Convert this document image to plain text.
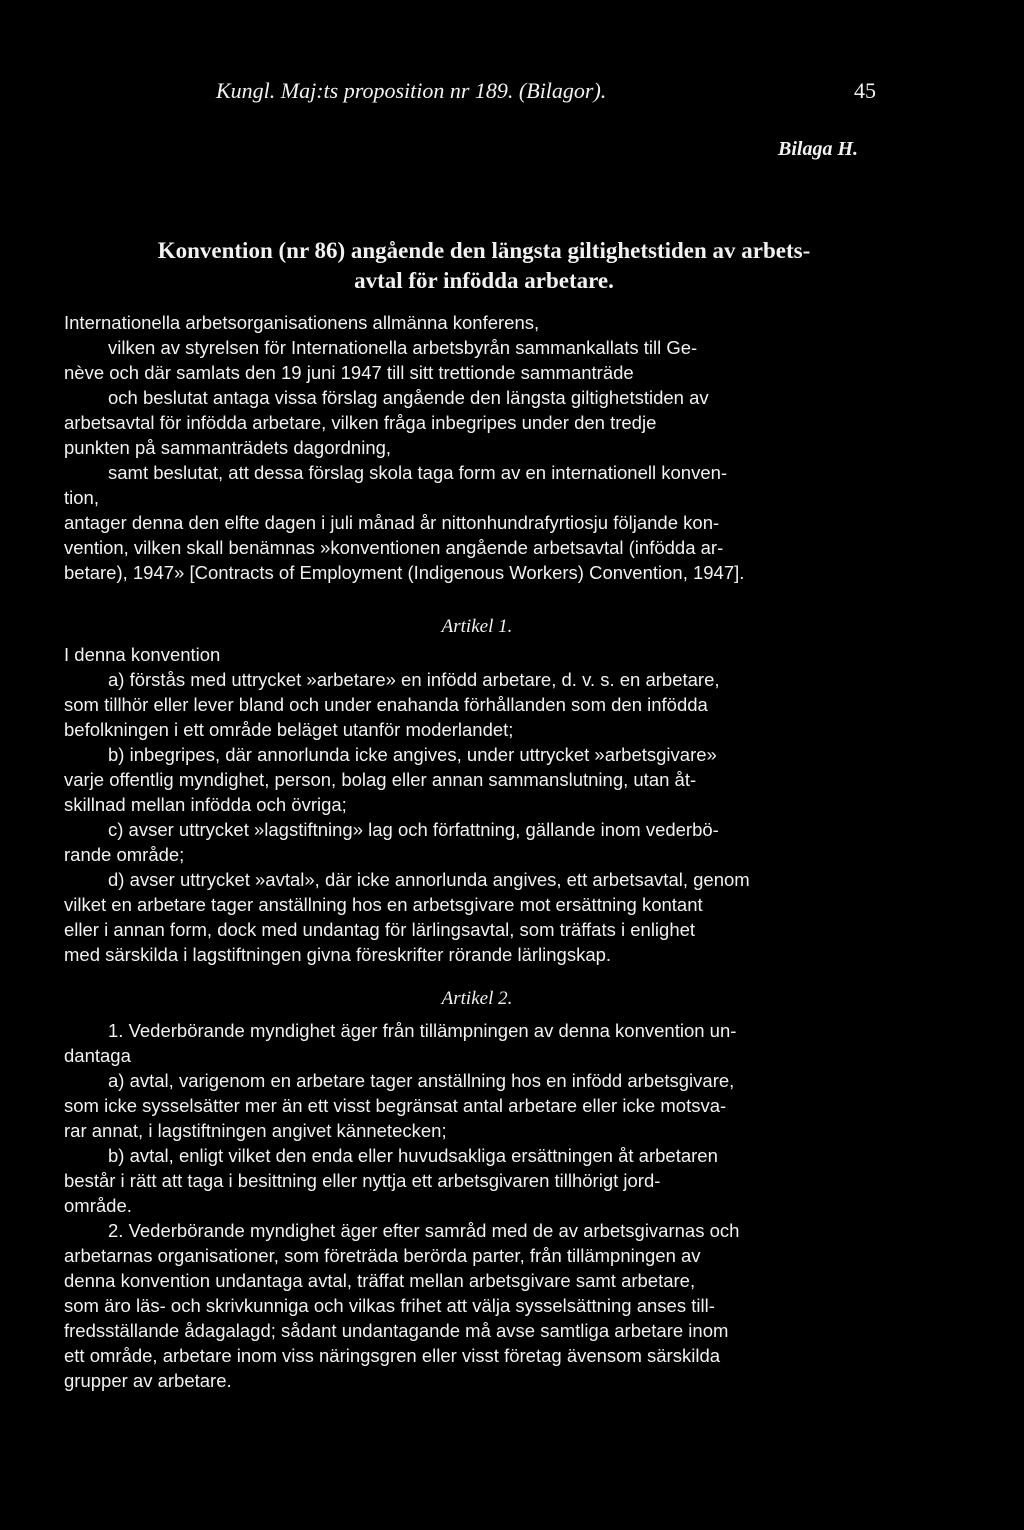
Kungl. Maj:ts proposition nr 189. (Bilagor).	45
Bilaga H.
Konvention (nr 86) angående den längsta giltighetstiden av arbets-
avtal för infödda arbetare.
Internationella arbetsorganisationens allmänna konferens,
vilken av styrelsen för Internationella arbetsbyrån sammankallats till Ge-
nève och där samlats den 19 juni 1947 till sitt trettionde sammanträde
och beslutat antaga vissa förslag angående den längsta giltighetstiden av
arbetsavtal för infödda arbetare, vilken fråga inbegripes under den tredje
punkten på sammanträdets dagordning,
samt beslutat, att dessa förslag skola taga form av en internationell konven-
tion,
antager denna den elfte dagen i juli månad år nittonhundrafyrtiosju följande kon-
vention, vilken skall benämnas »konventionen angående arbetsavtal (infödda ar-
betare), 1947» [Contracts of Employment (Indigenous Workers) Convention, 1947].
Artikel 1.
I denna konvention
a) förstås med uttrycket »arbetare» en infödd arbetare, d. v. s. en arbetare,
som tillhör eller lever bland och under enahanda förhållanden som den infödda
befolkningen i ett område beläget utanför moderlandet;
b) inbegripes, där annorlunda icke angives, under uttrycket »arbetsgivare»
varje offentlig myndighet, person, bolag eller annan sammanslutning, utan åt-
skillnad mellan infödda och övriga;
c) avser uttrycket »lagstiftning» lag och författning, gällande inom vederbö-
rande område;
d) avser uttrycket »avtal», där icke annorlunda angives, ett arbetsavtal, genom
vilket en arbetare tager anställning hos en arbetsgivare mot ersättning kontant
eller i annan form, dock med undantag för lärlingsavtal, som träffats i enlighet
med särskilda i lagstiftningen givna föreskrifter rörande lärlingskap.
Artikel 2.
1. Vederbörande myndighet äger från tillämpningen av denna konvention un-
dantaga
a) avtal, varigenom en arbetare tager anställning hos en infödd arbetsgivare,
som icke sysselsätter mer än ett visst begränsat antal arbetare eller icke motsva-
rar annat, i lagstiftningen angivet kännetecken;
b) avtal, enligt vilket den enda eller huvudsakliga ersättningen åt arbetaren
består i rätt att taga i besittning eller nyttja ett arbetsgivaren tillhörigt jord-
område.
2. Vederbörande myndighet äger efter samråd med de av arbetsgivarnas och
arbetarnas organisationer, som företräda berörda parter, från tillämpningen av
denna konvention undantaga avtal, träffat mellan arbetsgivare samt arbetare,
som äro läs- och skrivkunniga och vilkas frihet att välja sysselsättning anses till-
fredsställande ådagalagd; sådant undantagande må avse samtliga arbetare inom
ett område, arbetare inom viss näringsgren eller visst företag ävensom särskilda
grupper av arbetare.
